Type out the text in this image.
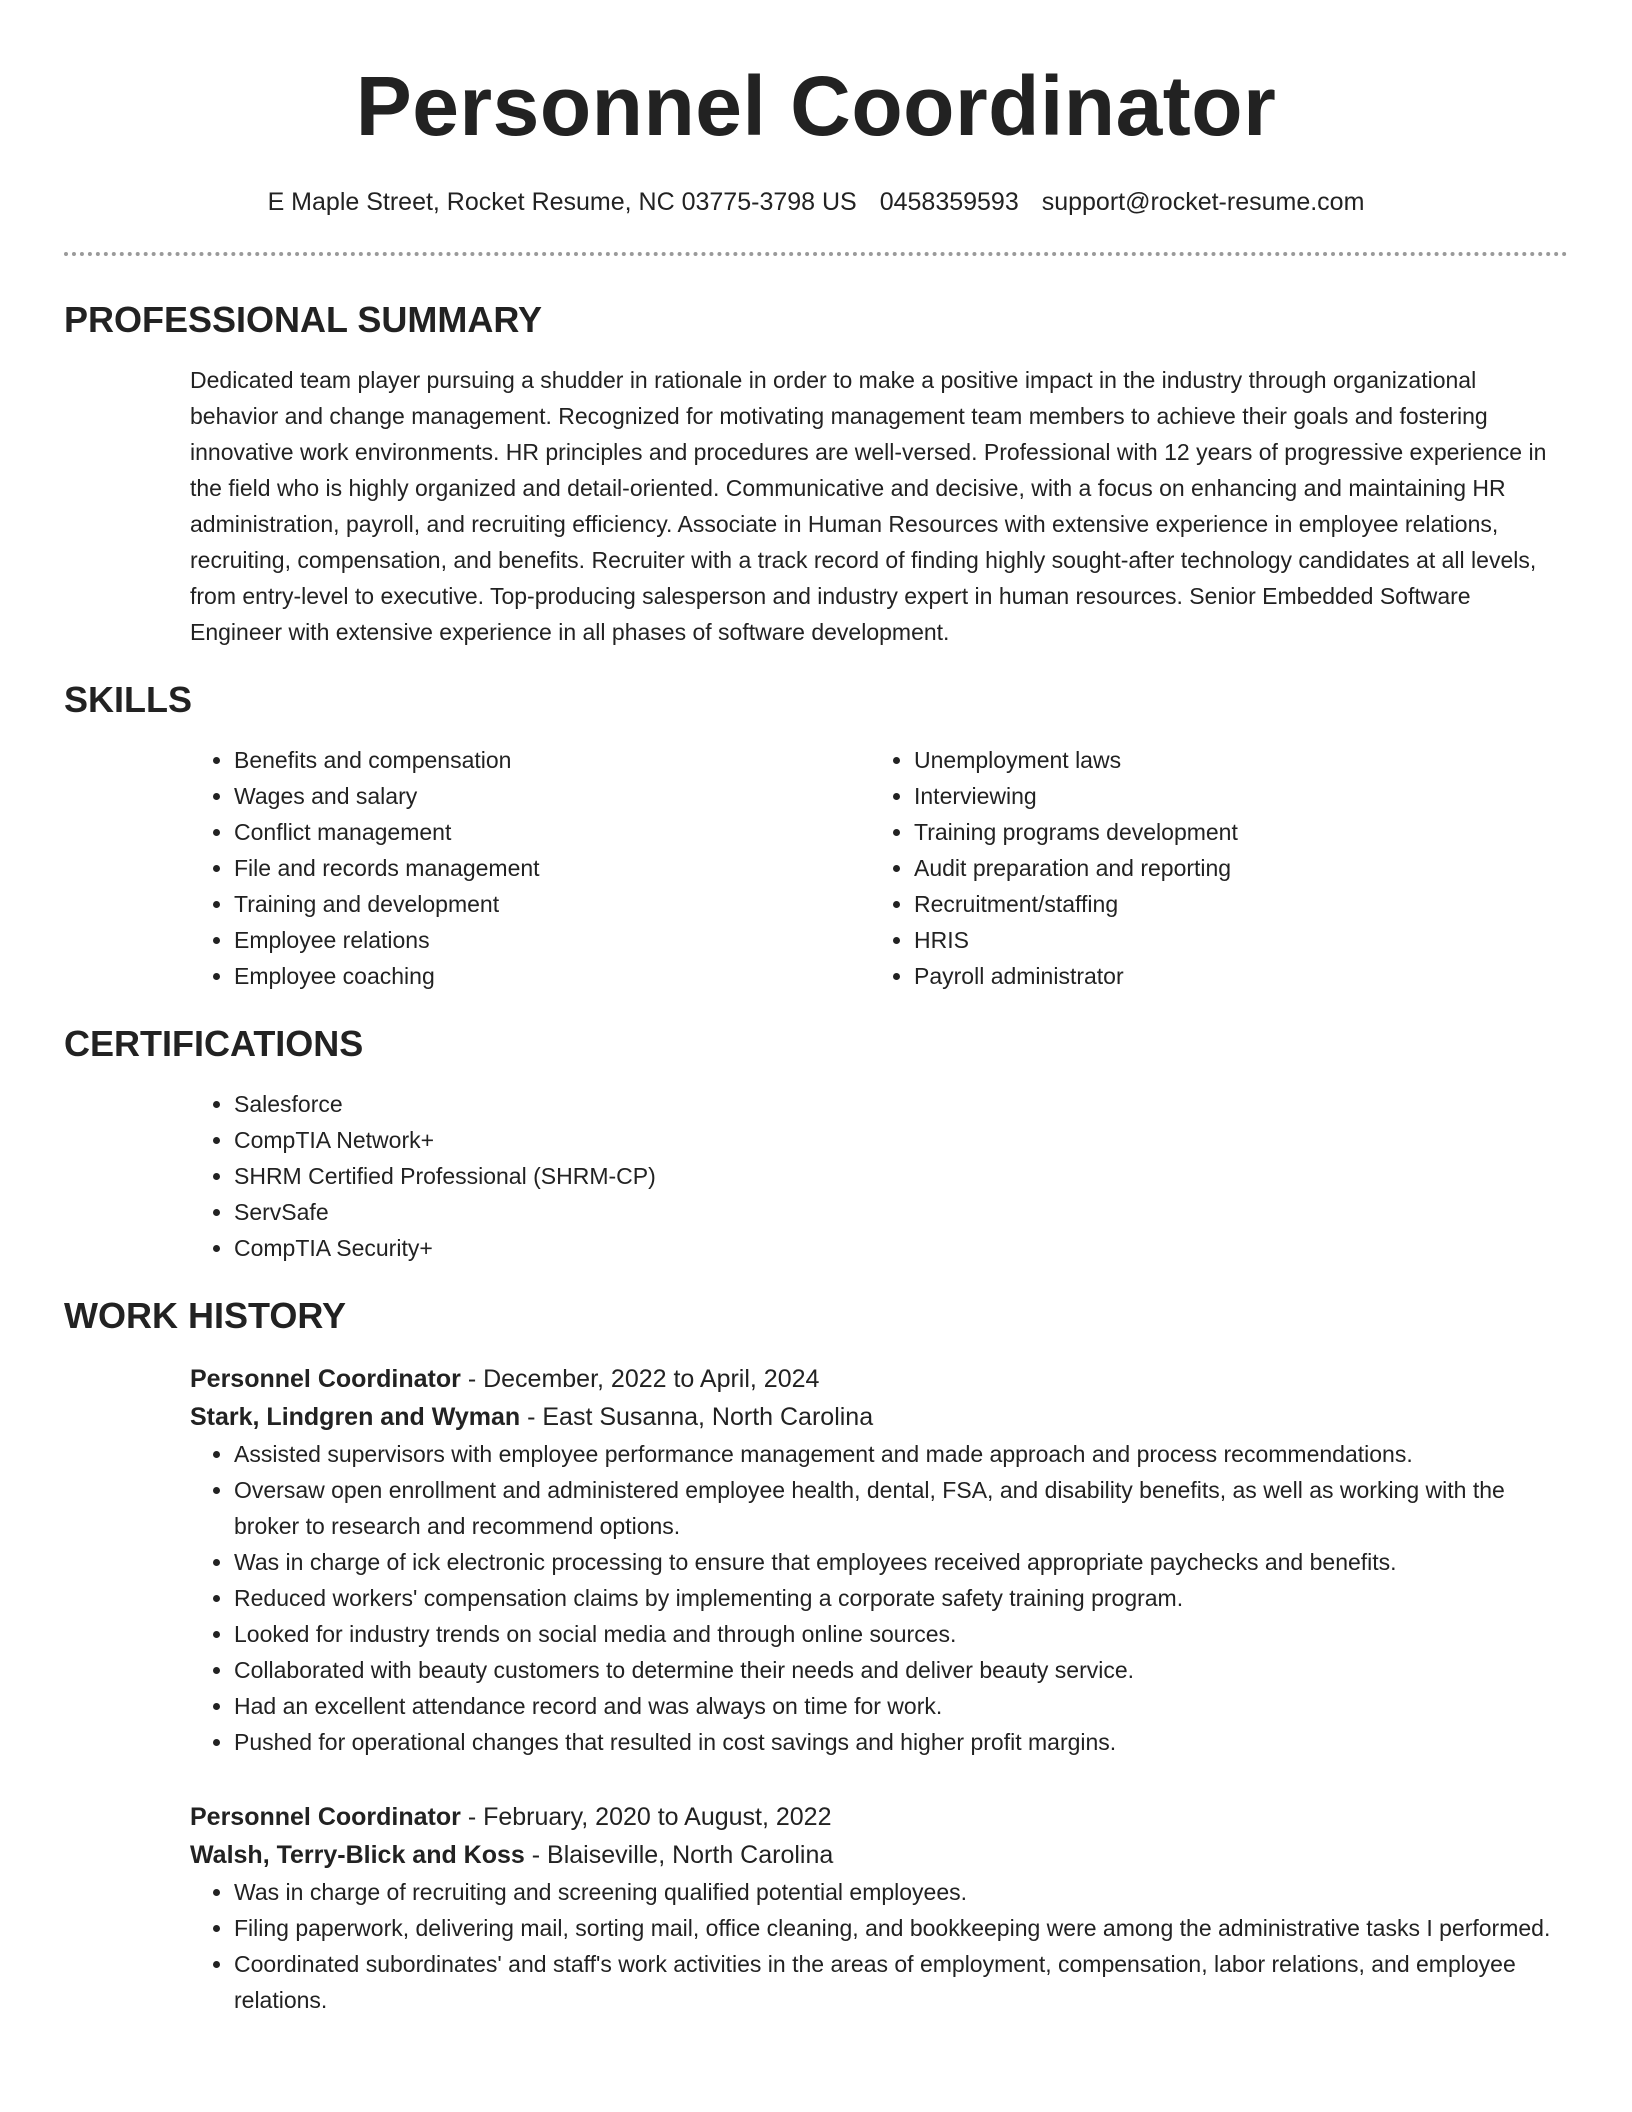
Personnel Coordinator
E Maple Street, Rocket Resume, NC 03775-3798 US 0458359593 support@rocket-resume.com
PROFESSIONAL SUMMARY

Dedicated team player pursuing a shudder in rationale in order to make a positive impact in the industry through organizational behavior and change management. Recognized for motivating management team members to achieve their goals and fostering innovative work environments. HR principles and procedures are well-versed. Professional with 12 years of progressive experience in the field who is highly organized and detail-oriented. Communicative and decisive, with a focus on enhancing and maintaining HR administration, payroll, and recruiting efficiency. Associate in Human Resources with extensive experience in employee relations, recruiting, compensation, and benefits. Recruiter with a track record of finding highly sought-after technology candidates at all levels, from entry-level to executive. Top-producing salesperson and industry expert in human resources. Senior Embedded Software Engineer with extensive experience in all phases of software development.

SKILLS
• Benefits and compensation
• Wages and salary
• Conflict management
• File and records management
• Training and development
• Employee relations
• Employee coaching
• Unemployment laws
• Interviewing
• Training programs development
• Audit preparation and reporting
• Recruitment/staffing
• HRIS
• Payroll administrator
CERTIFICATIONS
• Salesforce
• CompTIA Network+
• SHRM Certified Professional (SHRM-CP)
• ServSafe
• CompTIA Security+
WORK HISTORY
Personnel Coordinator - December, 2022 to April, 2024
Stark, Lindgren and Wyman - East Susanna, North Carolina
• Assisted supervisors with employee performance management and made approach and process recommendations.
• Oversaw open enrollment and administered employee health, dental, FSA, and disability benefits, as well as working with the broker to research and recommend options.
• Was in charge of ick electronic processing to ensure that employees received appropriate paychecks and benefits.
• Reduced workers' compensation claims by implementing a corporate safety training program.
• Looked for industry trends on social media and through online sources.
• Collaborated with beauty customers to determine their needs and deliver beauty service.
• Had an excellent attendance record and was always on time for work.
• Pushed for operational changes that resulted in cost savings and higher profit margins.
Personnel Coordinator - February, 2020 to August, 2022
Walsh, Terry-Blick and Koss - Blaiseville, North Carolina
• Was in charge of recruiting and screening qualified potential employees.
• Filing paperwork, delivering mail, sorting mail, office cleaning, and bookkeeping were among the administrative tasks I performed.
• Coordinated subordinates' and staff's work activities in the areas of employment, compensation, labor relations, and employee relations.
